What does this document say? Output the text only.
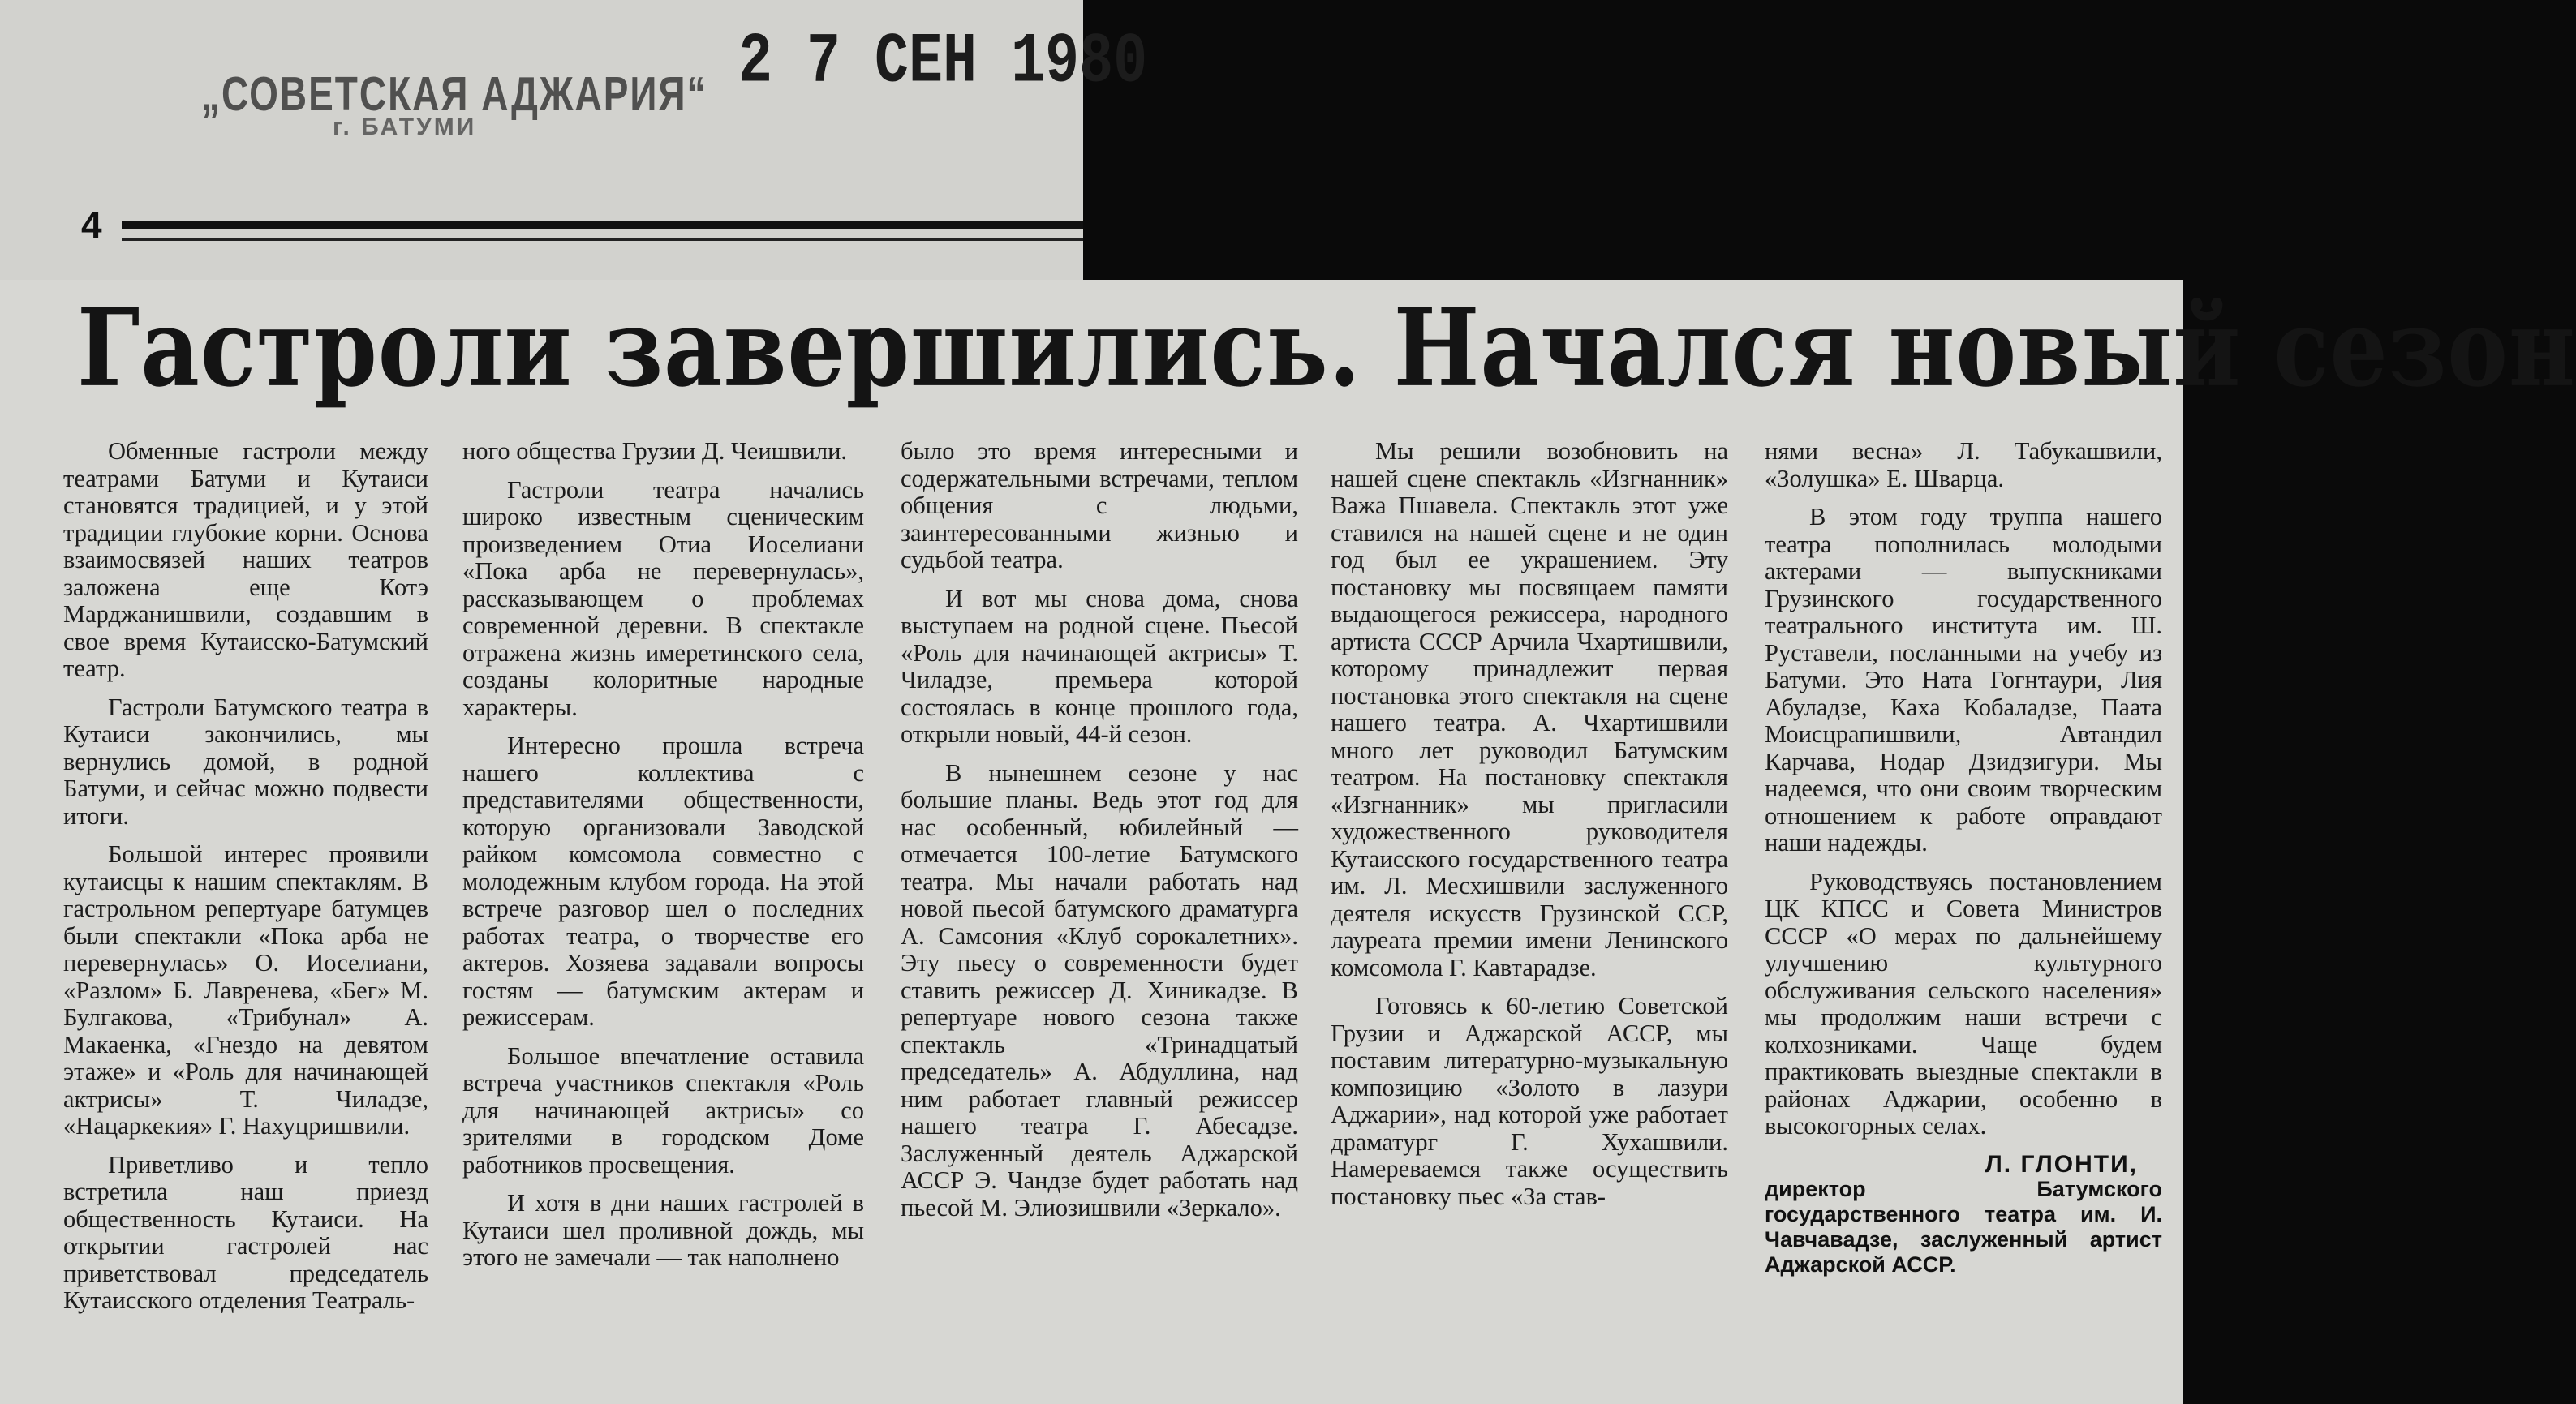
„СОВЕТСКАЯ АДЖАРИЯ“
г. БАТУМИ
2 7 СЕН 1980
4
Гастроли завершились. Начался новый сезон

Обменные гастроли между театрами Батуми и Кутаиси становятся традицией, и у этой традиции глубокие корни. Основа взаимосвязей наших театров заложена еще Котэ Марджанишвили, создавшим в свое время Кутаисско-Батумский театр.

Гастроли Батумского театра в Кутаиси закончились, мы вернулись домой, в родной Батуми, и сейчас можно подвести итоги.

Большой интерес проявили кутаисцы к нашим спектаклям. В гастрольном репертуаре батумцев были спектакли «Пока арба не перевернулась» О. Иоселиани, «Разлом» Б. Лавренева, «Бег» М. Булгакова, «Трибунал» А. Макаенка, «Гнездо на девятом этаже» и «Роль для начинающей актрисы» Т. Чиладзе, «Нацаркекия» Г. Нахуцришвили.

Приветливо и тепло встретила наш приезд общественность Кутаиси. На открытии гастролей нас приветствовал председатель Кутаисского отделения Театраль-

ного общества Грузии Д. Чеишвили.

Гастроли театра начались широко известным сценическим произведением Отиа Иоселиани «Пока арба не перевернулась», рассказывающем о проблемах современной деревни. В спектакле отражена жизнь имеретинского села, созданы колоритные народные характеры.

Интересно прошла встреча нашего коллектива с представителями общественности, которую организовали Заводской райком комсомола совместно с молодежным клубом города. На этой встрече разговор шел о последних работах театра, о творчестве его актеров. Хозяева задавали вопросы гостям — батумским актерам и режиссерам.

Большое впечатление оставила встреча участников спектакля «Роль для начинающей актрисы» со зрителями в городском Доме работников просвещения.

И хотя в дни наших гастролей в Кутаиси шел проливной дождь, мы этого не замечали — так наполнено

было это время интересными и содержательными встречами, теплом общения с людьми, заинтересованными жизнью и судьбой театра.

И вот мы снова дома, снова выступаем на родной сцене. Пьесой «Роль для начинающей актрисы» Т. Чиладзе, премьера которой состоялась в конце прошлого года, открыли новый, 44-й сезон.

В нынешнем сезоне у нас большие планы. Ведь этот год для нас особенный, юбилейный — отмечается 100-летие Батумского театра. Мы начали работать над новой пьесой батумского драматурга А. Самсония «Клуб сорокалетних». Эту пьесу о современности будет ставить режиссер Д. Хиникадзе. В репертуаре нового сезона также спектакль «Тринадцатый председатель» А. Абдуллина, над ним работает главный режиссер нашего театра Г. Абесадзе. Заслуженный деятель Аджарской АССР Э. Чандзе будет работать над пьесой М. Элиозишвили «Зеркало».

Мы решили возобновить на нашей сцене спектакль «Изгнанник» Важа Пшавела. Спектакль этот уже ставился на нашей сцене и не один год был ее украшением. Эту постановку мы посвящаем памяти выдающегося режиссера, народного артиста СССР Арчила Чхартишвили, которому принадлежит первая постановка этого спектакля на сцене нашего театра. А. Чхартишвили много лет руководил Батумским театром. На постановку спектакля «Изгнанник» мы пригласили художественного руководителя Кутаисского государственного театра им. Л. Месхишвили заслуженного деятеля искусств Грузинской ССР, лауреата премии имени Ленинского комсомола Г. Кавтарадзе.

Готовясь к 60-летию Советской Грузии и Аджарской АССР, мы поставим литературно-музыкальную композицию «Золото в лазури Аджарии», над которой уже работает драматург Г. Хухашвили. Намереваемся также осуществить постановку пьес «За став-

нями весна» Л. Табукашвили, «Золушка» Е. Шварца.

В этом году труппа нашего театра пополнилась молодыми актерами — выпускниками Грузинского государственного театрального института им. Ш. Руставели, посланными на учебу из Батуми. Это Ната Гогнтаури, Лия Абуладзе, Каха Кобаладзе, Паата Моисцрапишвили, Автандил Карчава, Нодар Дзидзигури. Мы надеемся, что они своим творческим отношением к работе оправдают наши надежды.

Руководствуясь постановлением ЦК КПСС и Совета Министров СССР «О мерах по дальнейшему улучшению культурного обслуживания сельского населения» мы продолжим наши встречи с колхозниками. Чаще будем практиковать выездные спектакли в районах Аджарии, особенно в высокогорных селах.

Л. ГЛОНТИ,
директор Батумского государственного театра им. И. Чавчавадзе, заслуженный артист Аджарской АССР.
